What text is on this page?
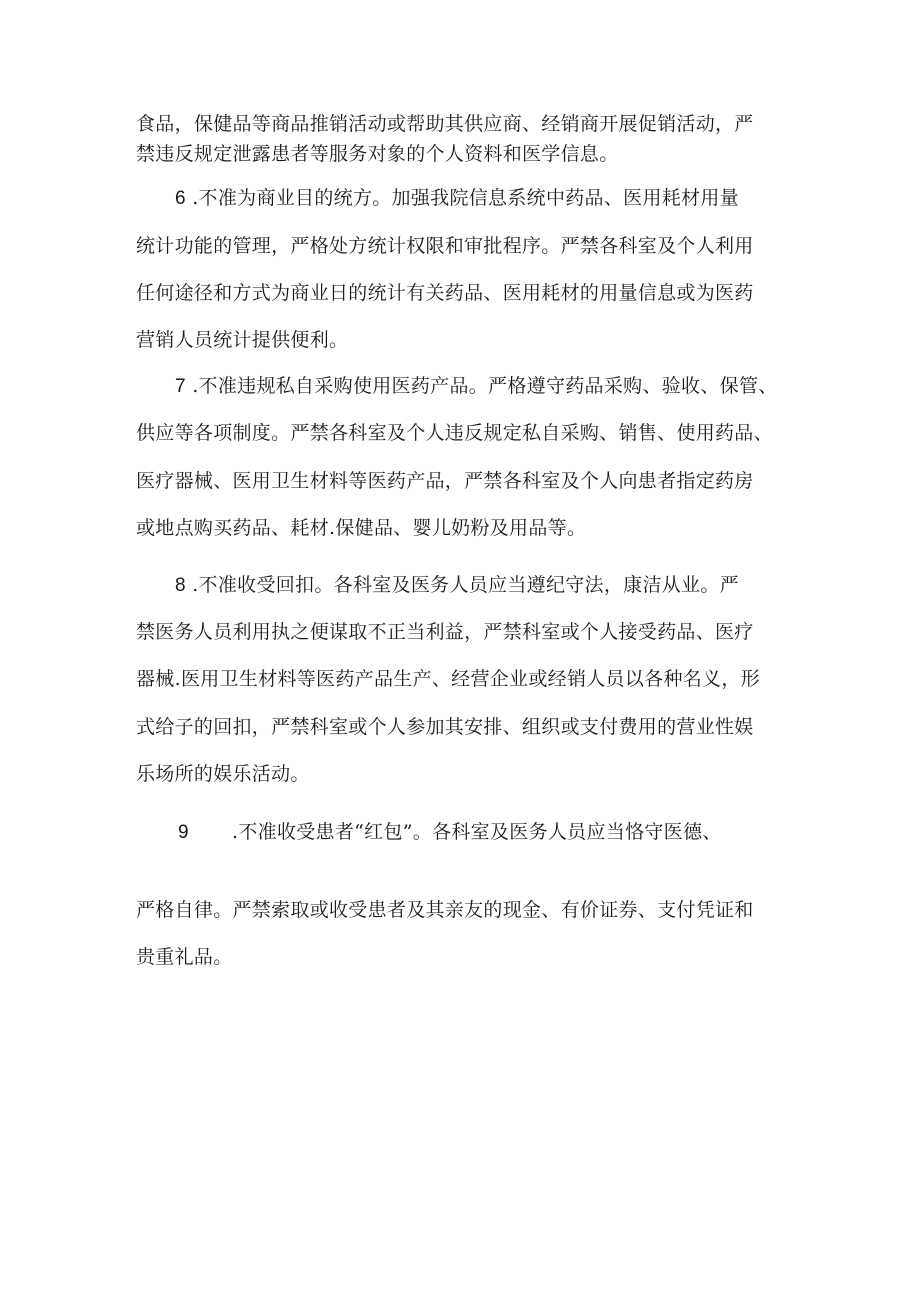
食品，保健品等商品推销活动或帮助其供应商、经销商开展促销活动，严
禁违反规定泄露患者等服务对象的个人资料和医学信息。
6 .不准为商业目的统方。加强我院信息系统中药品、医用耗材用量
统计功能的管理，严格处方统计权限和审批程序。严禁各科室及个人利用
任何途径和方式为商业日的统计有关药品、医用耗材的用量信息或为医药
营销人员统计提供便利。
7 .不准违规私自采购使用医药产品。严格遵守药品采购、验收、保管、
供应等各项制度。严禁各科室及个人违反规定私自采购、销售、使用药品、
医疗器械、医用卫生材料等医药产品，严禁各科室及个人向患者指定药房
或地点购买药品、耗材.保健品、婴儿奶粉及用品等。
8 .不准收受回扣。各科室及医务人员应当遵纪守法，康洁从业。严
禁医务人员利用执之便谋取不正当利益，严禁科室或个人接受药品、医疗
器械.医用卫生材料等医药产品生产、经营企业或经销人员以各种名义，形
式给子的回扣，严禁科室或个人参加其安排、组织或支付费用的营业性娱
乐场所的娱乐活动。
9 .不准收受患者“红包”。各科室及医务人员应当恪守医德、
严格自律。严禁索取或收受患者及其亲友的现金、有价证券、支付凭证和
贵重礼品。
